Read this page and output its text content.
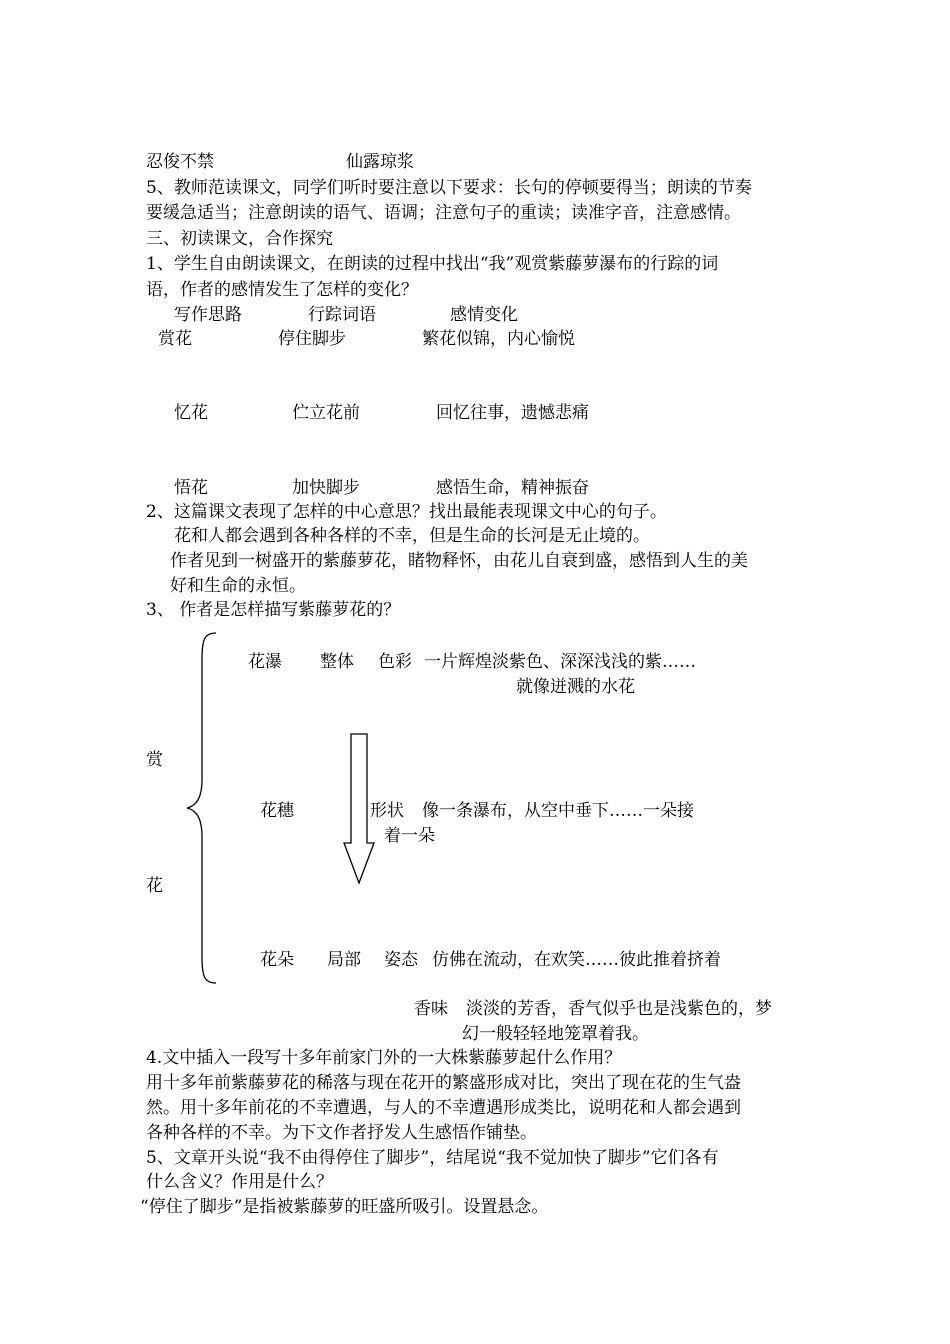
忍俊不禁	仙露琼浆
5、教师范读课文，同学们听时要注意以下要求：长句的停顿要得当；朗读的节奏
要缓急适当；注意朗读的语气、语调；注意句子的重读；读准字音，注意感情。
三、初读课文，合作探究
1、学生自由朗读课文，在朗读的过程中找出“我”观赏紫藤萝瀑布的行踪的词
语，作者的感情发生了怎样的变化？
写作思路	行踪词语	感情变化
赏花	停住脚步	繁花似锦，内心愉悦
忆花	伫立花前	回忆往事，遗憾悲痛
悟花	加快脚步	感悟生命，精神振奋
2、这篇课文表现了怎样的中心意思？找出最能表现课文中心的句子。
花和人都会遇到各种各样的不幸，但是生命的长河是无止境的。
作者见到一树盛开的紫藤萝花，睹物释怀，由花儿自衰到盛，感悟到人生的美
好和生命的永恒。
3、 作者是怎样描写紫藤萝花的？
赏
花
花瀑 整体 色彩 一片辉煌淡紫色、深深浅浅的紫……
就像迸溅的水花
花穗	形状 像一条瀑布，从空中垂下……一朵接
着一朵
花朵 局部 姿态 仿佛在流动，在欢笑……彼此推着挤着
香味 淡淡的芳香，香气似乎也是浅紫色的，梦
幻一般轻轻地笼罩着我。
4.文中插入一段写十多年前家门外的一大株紫藤萝起什么作用？
用十多年前紫藤萝花的稀落与现在花开的繁盛形成对比，突出了现在花的生气盎
然。用十多年前花的不幸遭遇，与人的不幸遭遇形成类比，说明花和人都会遇到
各种各样的不幸。为下文作者抒发人生感悟作铺垫。
5、文章开头说“我不由得停住了脚步”，结尾说“我不觉加快了脚步”它们各有
什么含义？作用是什么？
“停住了脚步”是指被紫藤萝的旺盛所吸引。设置悬念。
